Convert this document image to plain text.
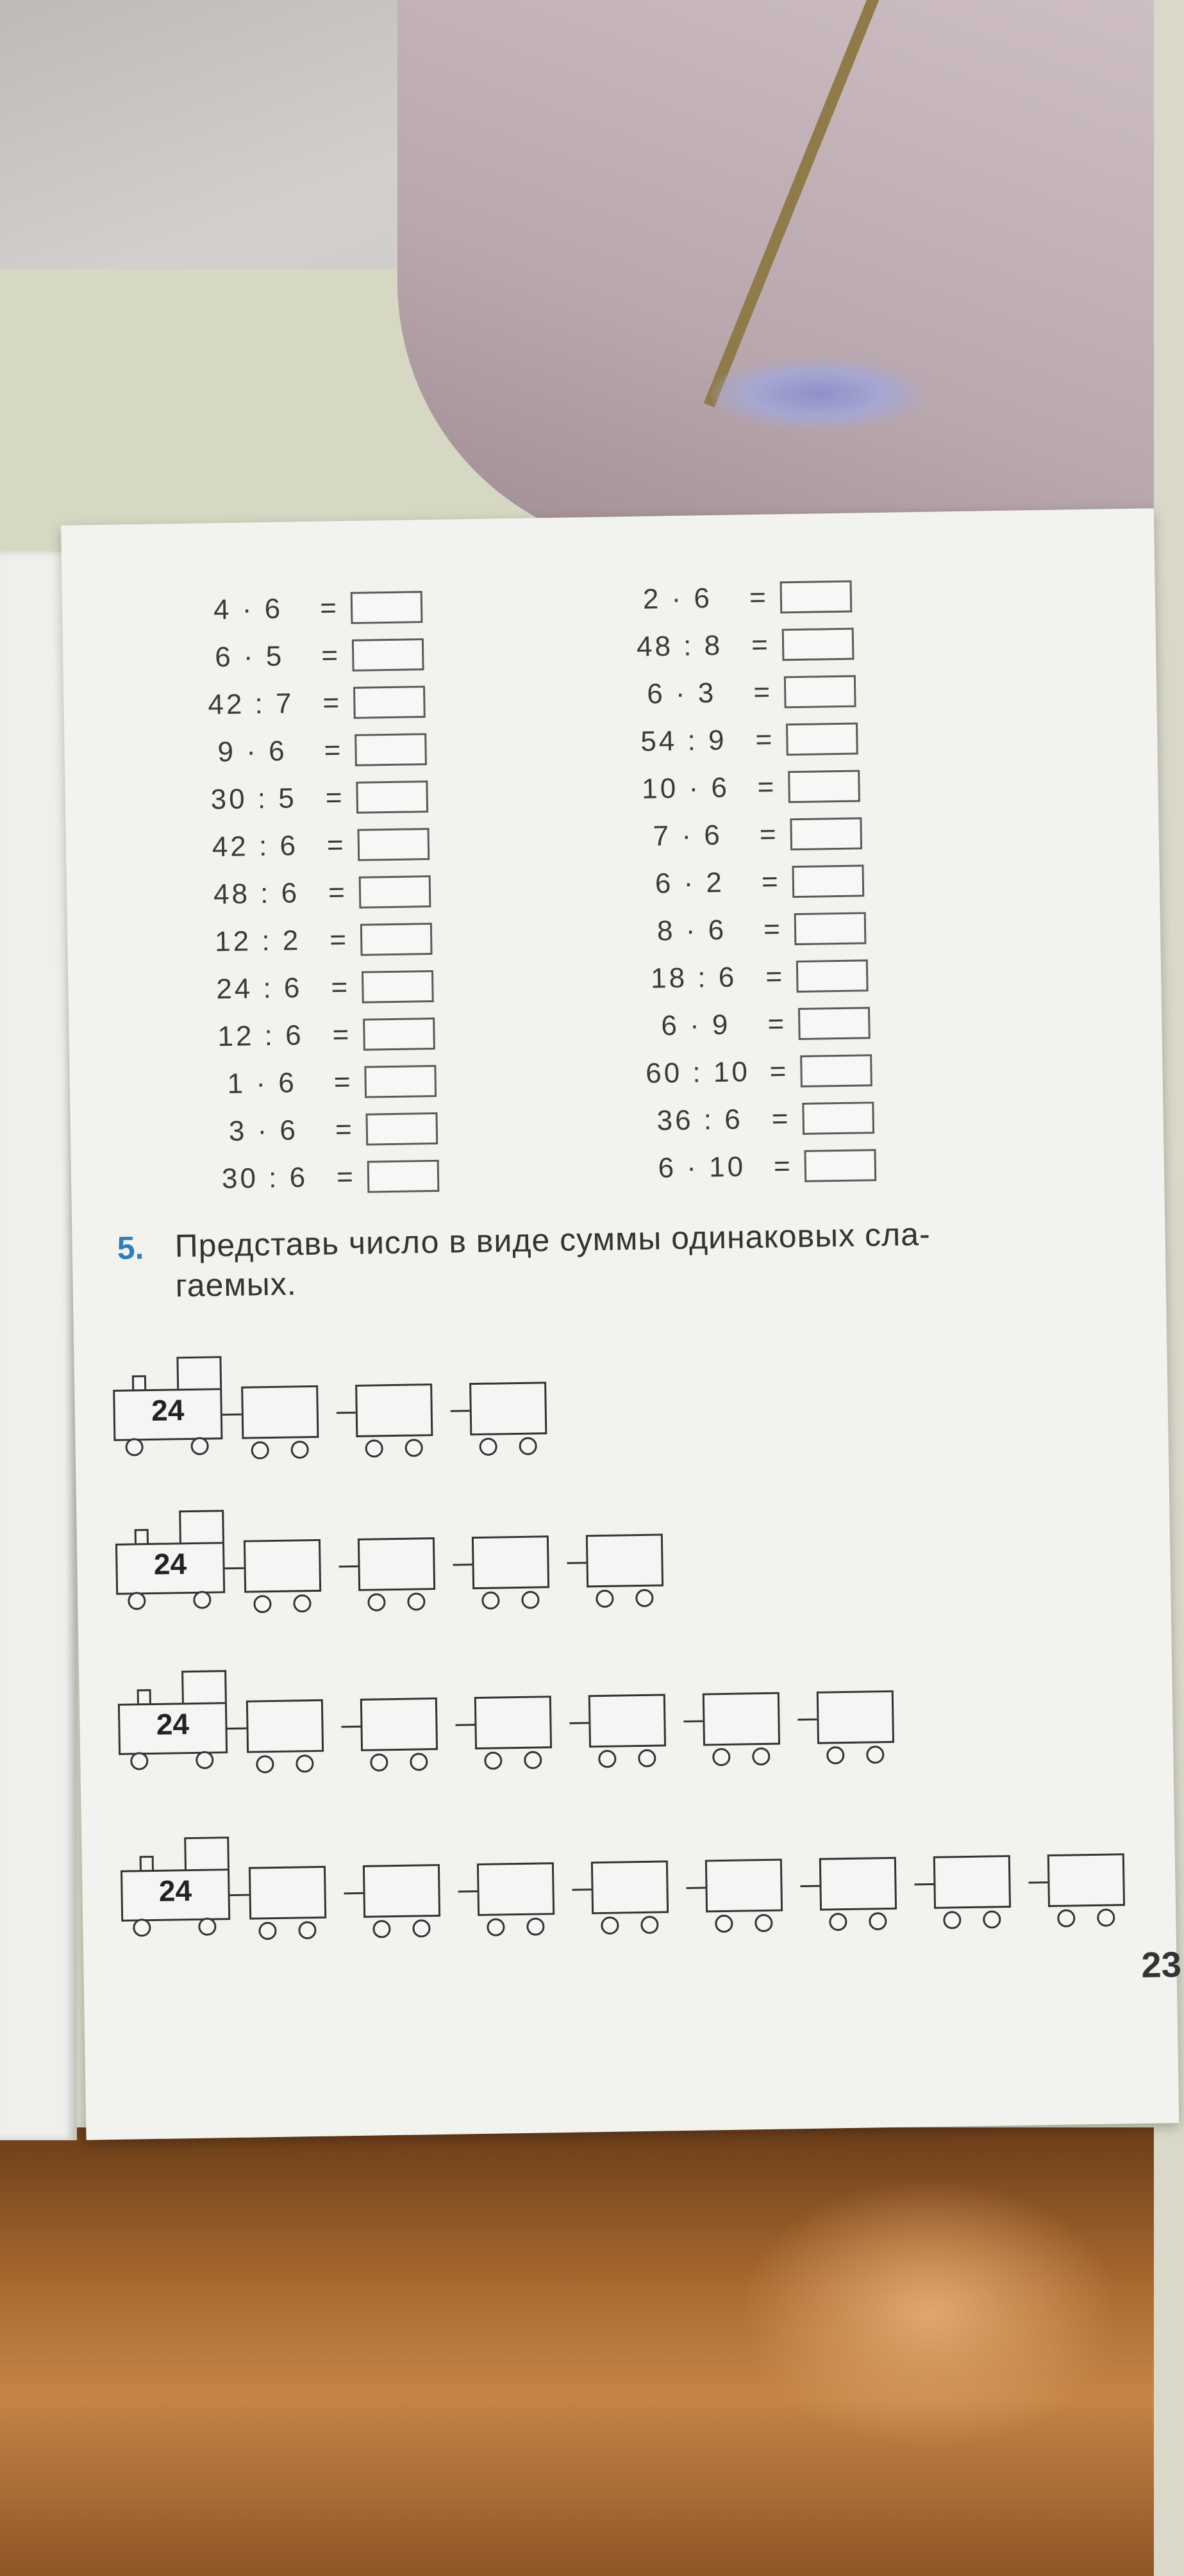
4 · 6	=
6 · 5	=
42 : 7	=
9 · 6	=
30 : 5	=
42 : 6	=
48 : 6	=
12 : 2	=
24 : 6	=
12 : 6	=
1 · 6	=
3 · 6	=
30 : 6	=
2 · 6	=
48 : 8	=
6 · 3	=
54 : 9	=
10 · 6 =
7 · 6	=
6 · 2	=
8 · 6	=
18 : 6	=
6 · 9	=
60 : 10 =
36 : 6	=
6 · 10 =
5. Представь число в виде суммы одинаковых сла-
гаемых.
24
24
24
24
23
